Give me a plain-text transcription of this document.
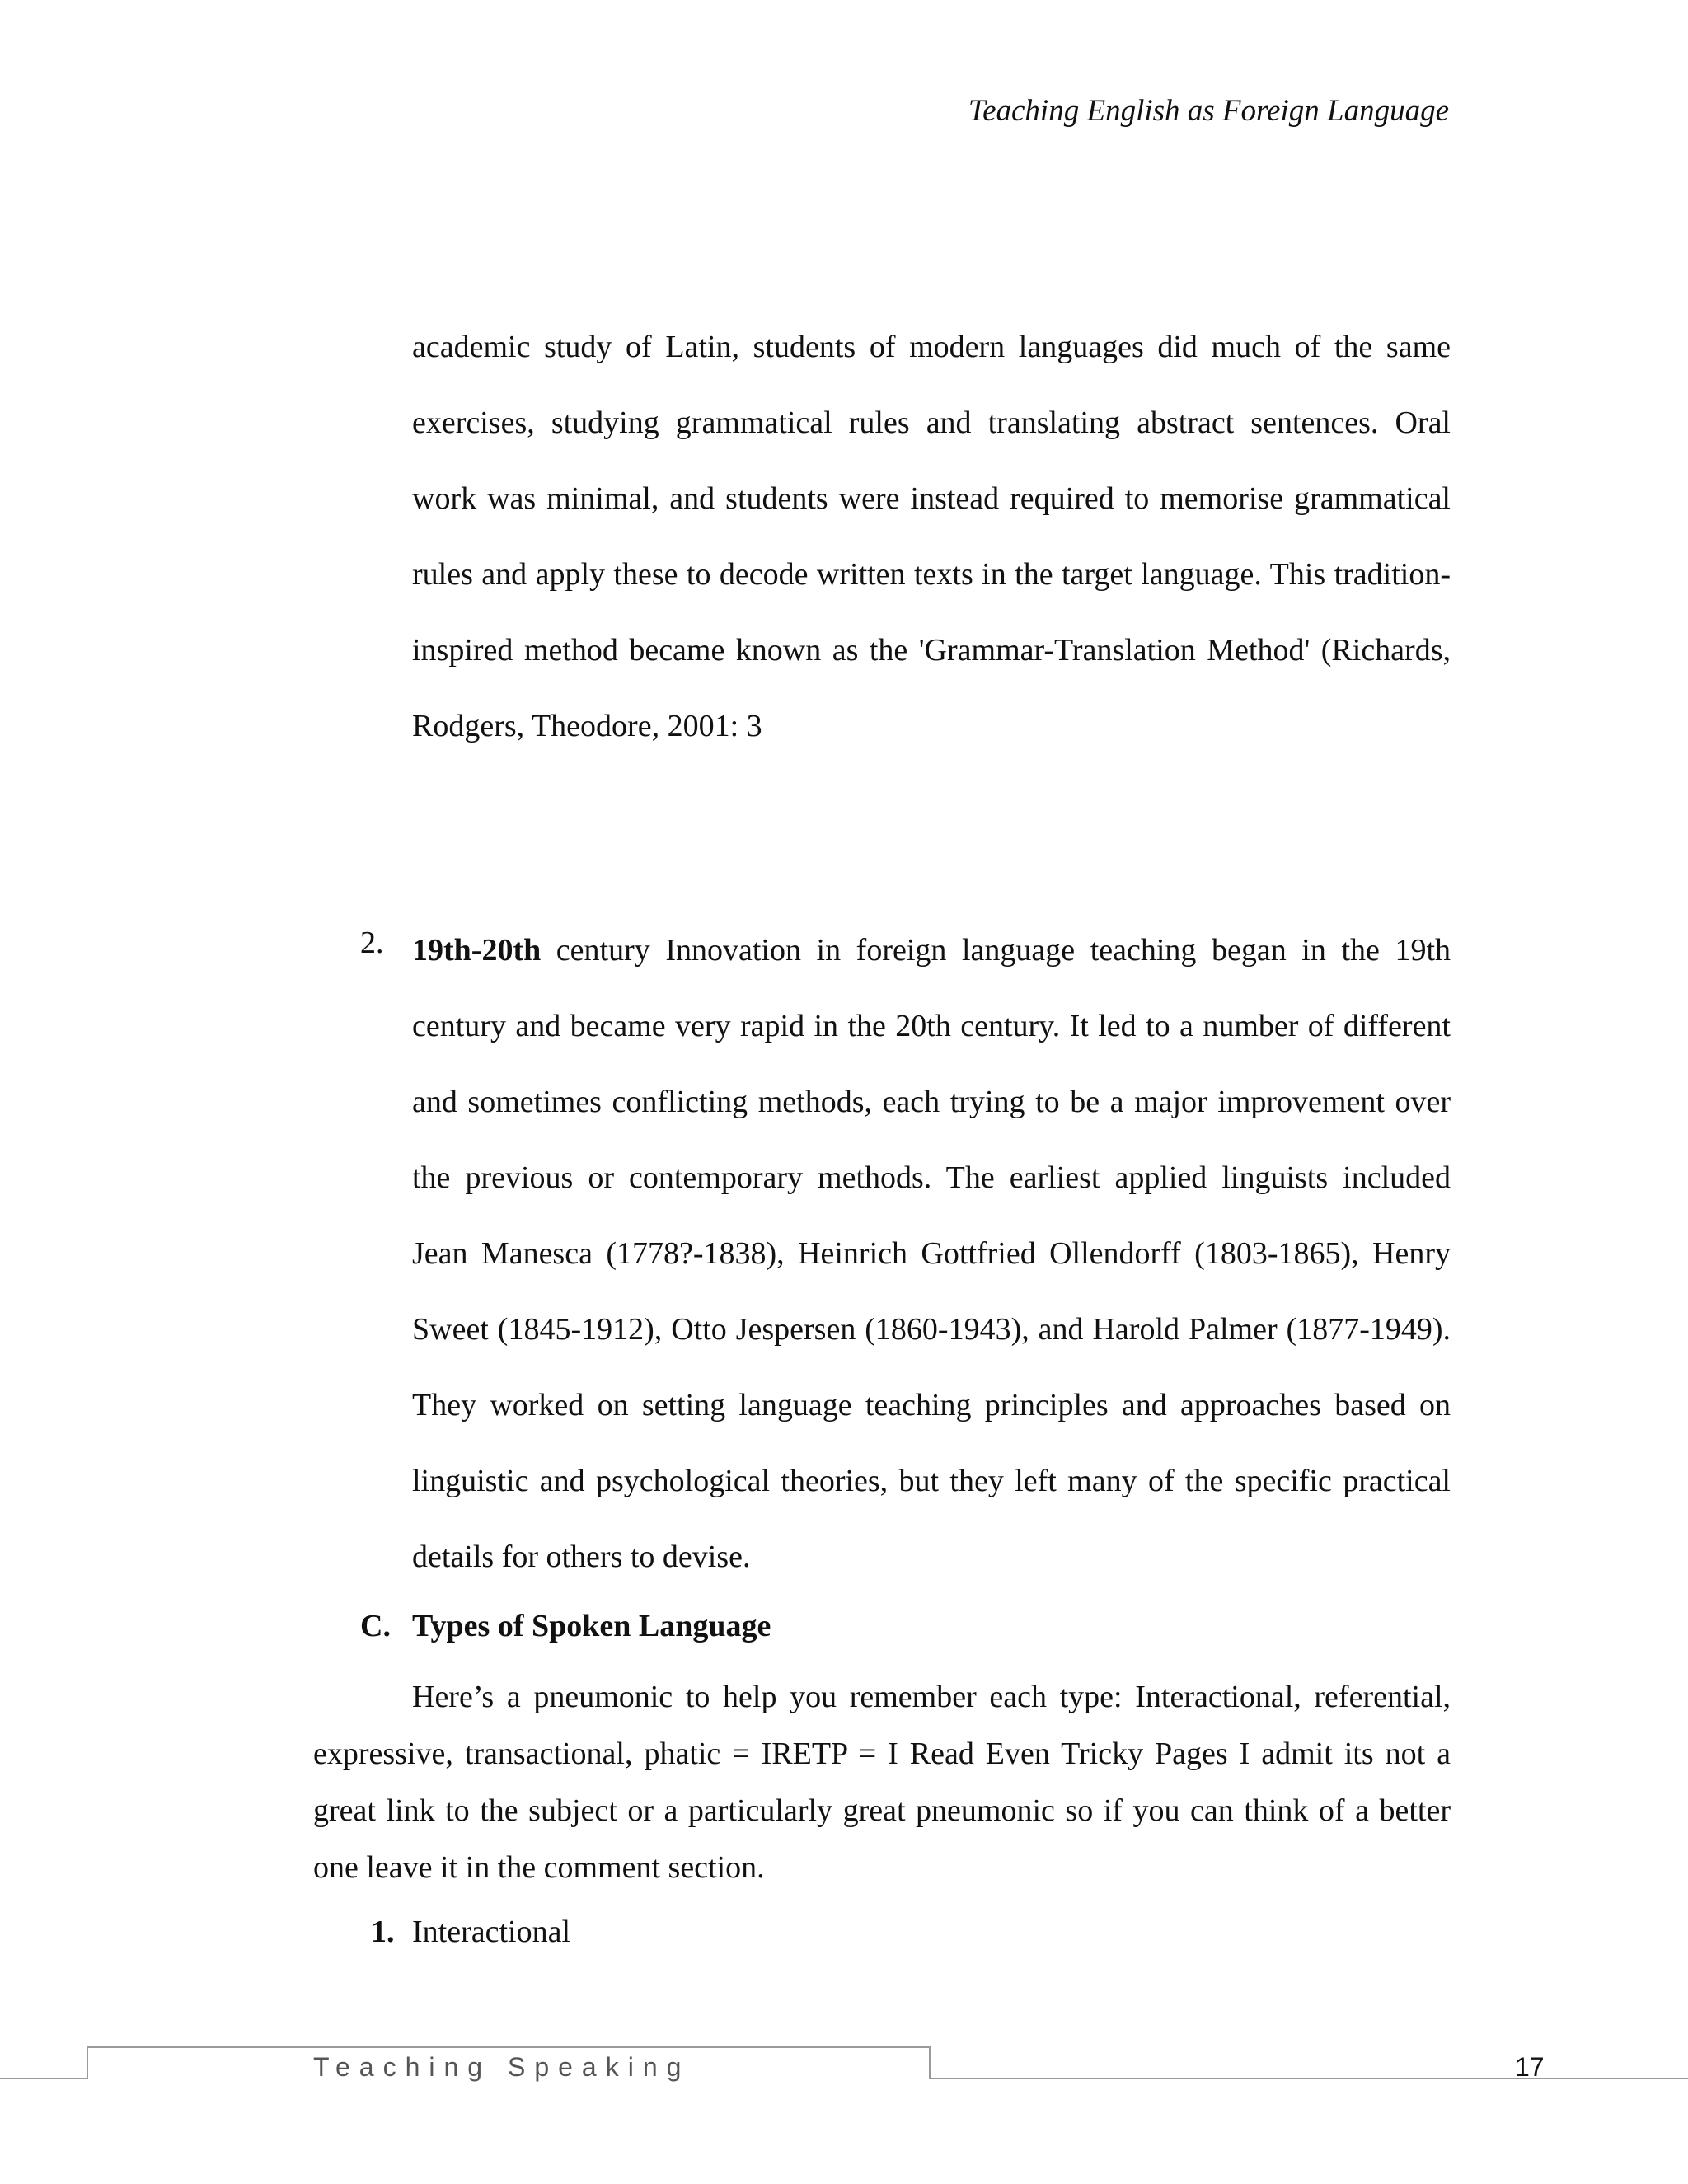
Teaching English as Foreign Language

academic study of Latin, students of modern languages did much of the same exercises, studying grammatical rules and translating abstract sentences. Oral work was minimal, and students were instead required to memorise grammatical rules and apply these to decode written texts in the target language. This tradition-inspired method became known as the 'Grammar-Translation Method' (Richards, Rodgers, Theodore, 2001: 3

2. 19th-20th century Innovation in foreign language teaching began in the 19th century and became very rapid in the 20th century. It led to a number of different and sometimes conflicting methods, each trying to be a major improvement over the previous or contemporary methods. The earliest applied linguists included Jean Manesca (1778?-1838), Heinrich Gottfried Ollendorff (1803-1865), Henry Sweet (1845-1912), Otto Jespersen (1860-1943), and Harold Palmer (1877-1949). They worked on setting language teaching principles and approaches based on linguistic and psychological theories, but they left many of the specific practical details for others to devise.

C. Types of Spoken Language

Here’s a pneumonic to help you remember each type: Interactional, referential, expressive, transactional, phatic = IRETP = I Read Even Tricky Pages I admit its not a great link to the subject or a particularly great pneumonic so if you can think of a better one leave it in the comment section.

1. Interactional
Teaching Speaking	17
